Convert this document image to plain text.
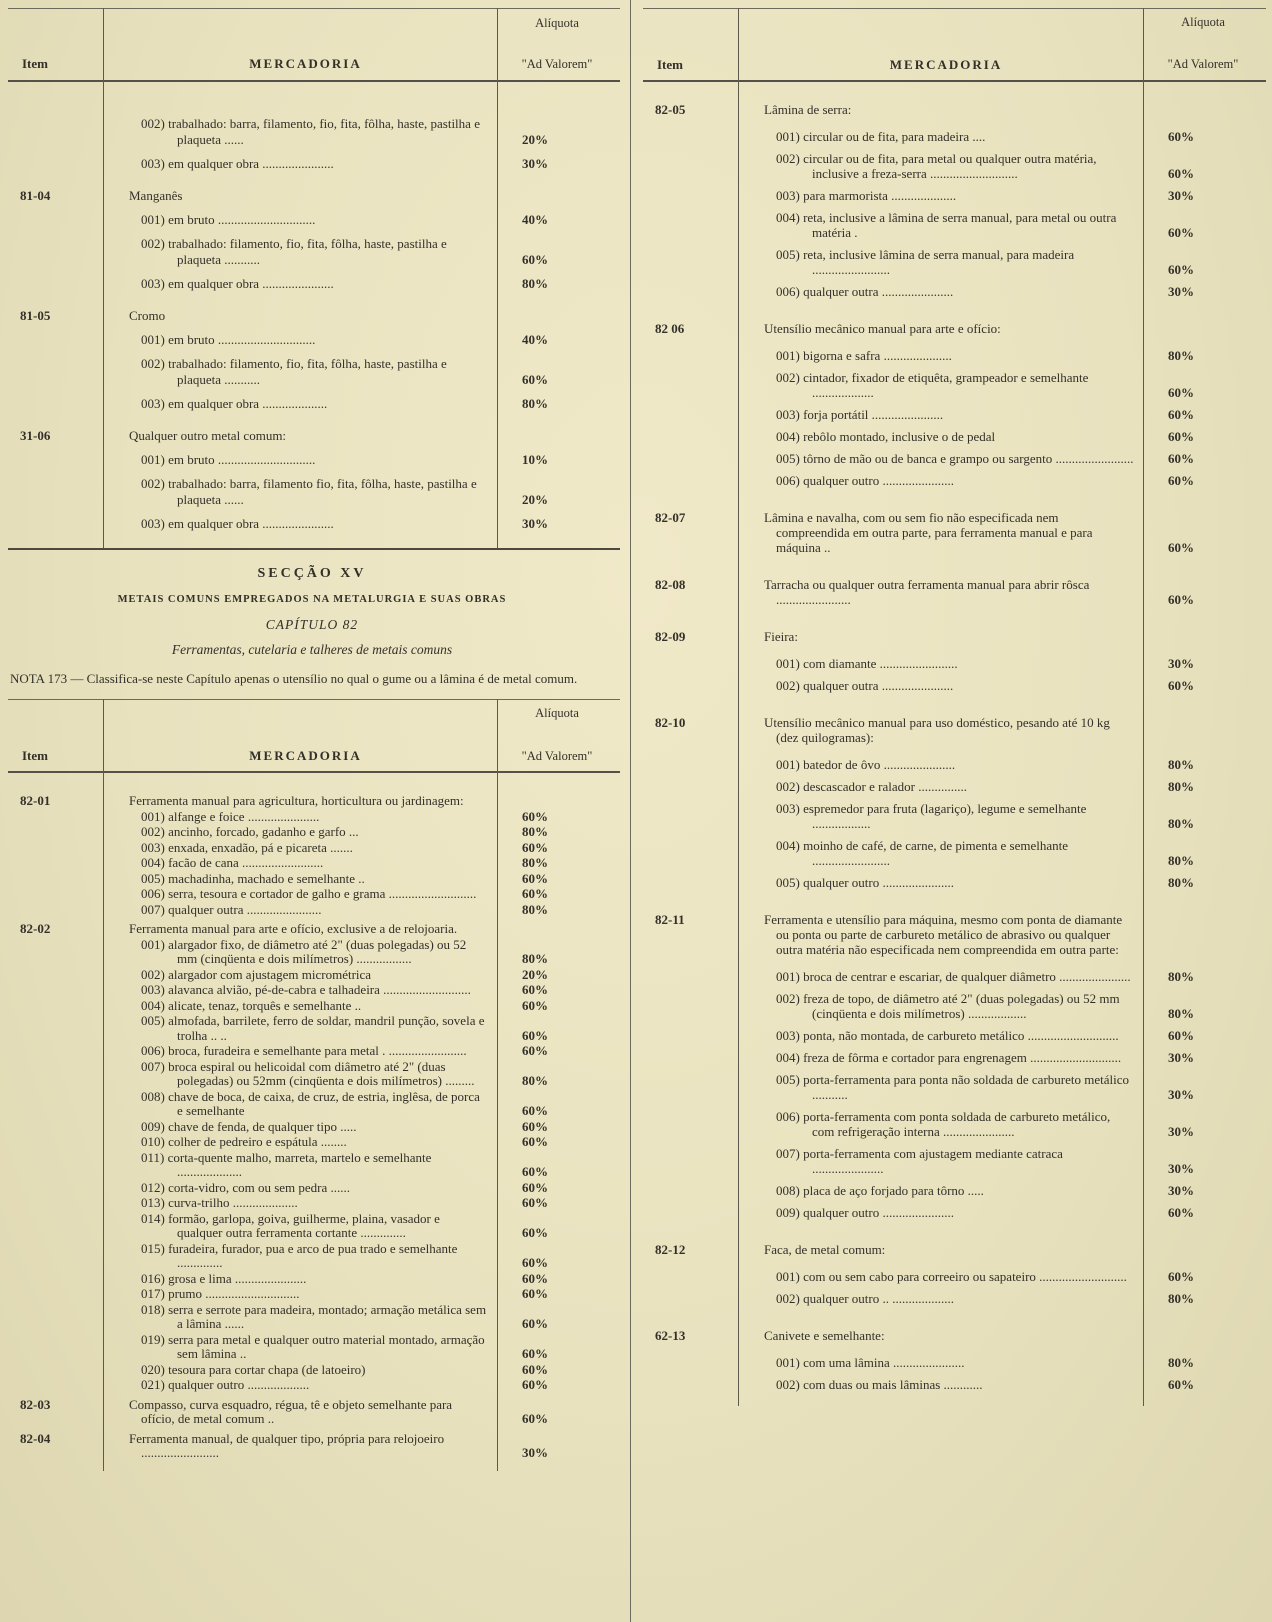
Item	MERCADORIA
Alíquota
"Ad Valorem"
002) trabalhado: barra, filamento, fio, fita, fôlha, haste, pastilha e plaqueta ......	20%
003) em qualquer obra ......................	30%
81-04	Manganês
001) em bruto ..............................	40%
002) trabalhado: filamento, fio, fita, fôlha, haste, pastilha e plaqueta ...........	60%
003) em qualquer obra ......................	80%
81-05	Cromo
001) em bruto ..............................	40%
002) trabalhado: filamento, fio, fita, fôlha, haste, pastilha e plaqueta ...........	60%
003) em qualquer obra ....................	80%
31-06	Qualquer outro metal comum:
001) em bruto ..............................	10%
002) trabalhado: barra, filamento fio, fita, fôlha, haste, pastilha e plaqueta ......	20%
003) em qualquer obra ......................	30%
SECÇÃO XV
METAIS COMUNS EMPREGADOS NA METALURGIA E SUAS OBRAS
CAPÍTULO 82
Ferramentas, cutelaria e talheres de metais comuns
NOTA 173 — Classifica-se neste Capítulo apenas o utensílio no qual o gume ou a lâmina é de metal comum.
Item	MERCADORIA
Alíquota
"Ad Valorem"
82-01	Ferramenta manual para agricultura, horticultura ou jardinagem:
001) alfange e foice ......................	60%
002) ancinho, forcado, gadanho e garfo ...	80%
003) enxada, enxadão, pá e picareta .......	60%
004) facão de cana .........................	80%
005) machadinha, machado e semelhante ..	60%
006) serra, tesoura e cortador de galho e grama ...........................	60%
007) qualquer outra .......................	80%
82-02	Ferramenta manual para arte e ofício, exclusive a de relojoaria.
001) alargador fixo, de diâmetro até 2" (duas polegadas) ou 52 mm (cinqüenta e dois milímetros) .................	80%
002) alargador com ajustagem micrométrica	20%
003) alavanca alvião, pé-de-cabra e talhadeira ...........................	60%
004) alicate, tenaz, torquês e semelhante ..	60%
005) almofada, barrilete, ferro de soldar, mandril punção, sovela e trolha .. ..	60%
006) broca, furadeira e semelhante para metal . ........................	60%
007) broca espiral ou helicoidal com diâmetro até 2" (duas polegadas) ou 52mm (cinqüenta e dois milímetros) .........	80%
008) chave de boca, de caixa, de cruz, de estria, inglêsa, de porca e semelhante	60%
009) chave de fenda, de qualquer tipo .....	60%
010) colher de pedreiro e espátula ........	60%
011) corta-quente malho, marreta, martelo e semelhante ....................	60%
012) corta-vidro, com ou sem pedra ......	60%
013) curva-trilho ....................	60%
014) formão, garlopa, goiva, guilherme, plaina, vasador e qualquer outra ferramenta cortante ..............	60%
015) furadeira, furador, pua e arco de pua trado e semelhante ..............	60%
016) grosa e lima ......................	60%
017) prumo .............................	60%
018) serra e serrote para madeira, montado; armação metálica sem a lâmina ......	60%
019) serra para metal e qualquer outro material montado, armação sem lâmina ..	60%
020) tesoura para cortar chapa (de latoeiro)	60%
021) qualquer outro ...................	60%
82-03	Compasso, curva esquadro, régua, tê e objeto semelhante para ofício, de metal comum ..	60%
82-04	Ferramenta manual, de qualquer tipo, própria para relojoeiro ........................	30%
Item	MERCADORIA
Alíquota
"Ad Valorem"
82-05	Lâmina de serra:
001) circular ou de fita, para madeira ....	60%
002) circular ou de fita, para metal ou qualquer outra matéria, inclusive a freza-serra ...........................	60%
003) para marmorista ....................	30%
004) reta, inclusive a lâmina de serra manual, para metal ou outra matéria .	60%
005) reta, inclusive lâmina de serra manual, para madeira ........................	60%
006) qualquer outra ......................	30%
82 06	Utensílio mecânico manual para arte e ofício:
001) bigorna e safra .....................	80%
002) cintador, fixador de etiquêta, grampeador e semelhante ...................	60%
003) forja portátil ......................	60%
004) rebôlo montado, inclusive o de pedal	60%
005) tôrno de mão ou de banca e grampo ou sargento ........................	60%
006) qualquer outro ......................	60%
82-07	Lâmina e navalha, com ou sem fio não especificada nem compreendida em outra parte, para ferramenta manual e para máquina ..	60%
82-08	Tarracha ou qualquer outra ferramenta manual para abrir rôsca .......................	60%
82-09	Fieira:
001) com diamante ........................	30%
002) qualquer outra ......................	60%
82-10	Utensílio mecânico manual para uso doméstico, pesando até 10 kg (dez quilogramas):
001) batedor de ôvo ......................	80%
002) descascador e ralador ...............	80%
003) espremedor para fruta (lagariço), legume e semelhante ..................	80%
004) moinho de café, de carne, de pimenta e semelhante ........................	80%
005) qualquer outro ......................	80%
82-11	Ferramenta e utensílio para máquina, mesmo com ponta de diamante ou ponta ou parte de carbureto metálico de abrasivo ou qualquer outra matéria não especificada nem compreendida em outra parte:
001) broca de centrar e escariar, de qualquer diâmetro ......................	80%
002) freza de topo, de diâmetro até 2" (duas polegadas) ou 52 mm (cinqüenta e dois milímetros) ..................	80%
003) ponta, não montada, de carbureto metálico ............................	60%
004) freza de fôrma e cortador para engrenagem ............................	30%
005) porta-ferramenta para ponta não soldada de carbureto metálico ...........	30%
006) porta-ferramenta com ponta soldada de carbureto metálico, com refrigeração interna ......................	30%
007) porta-ferramenta com ajustagem mediante catraca ......................	30%
008) placa de aço forjado para tôrno .....	30%
009) qualquer outro ......................	60%
82-12	Faca, de metal comum:
001) com ou sem cabo para correeiro ou sapateiro ...........................	60%
002) qualquer outro .. ...................	80%
62-13	Canivete e semelhante:
001) com uma lâmina ......................	80%
002) com duas ou mais lâminas ............	60%
